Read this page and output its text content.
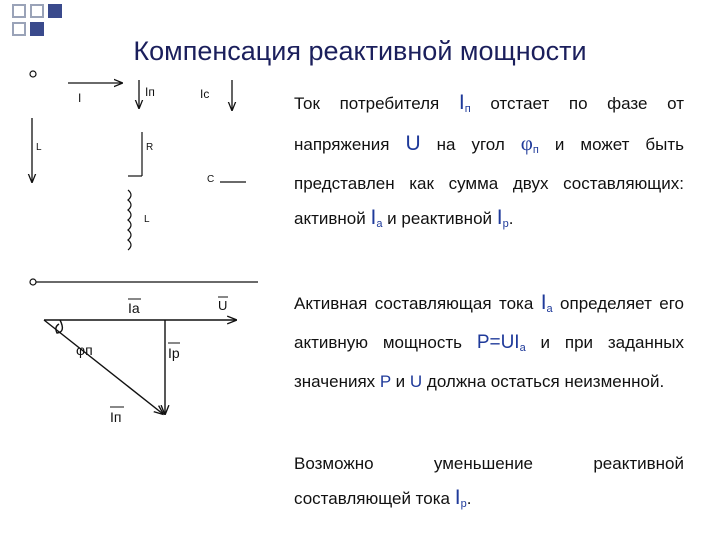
Компенсация реактивной мощности
L
I	Iп	Iс
R
C
L
Ia	U
φп	Ip
Iп

Ток потребителя $I_п$ отстает по фазе от напряжения U на угол $\varphi_п$ и может быть представлен как сумма двух составляющих: активной $I_а$ и реактивной $I_р$.

Активная составляющая тока $I_а$ определяет его активную мощность $P=UI_а$ и при заданных значениях P и U должна остаться неизменной.

Возможно уменьшение реактивной составляющей тока $I_р$.
